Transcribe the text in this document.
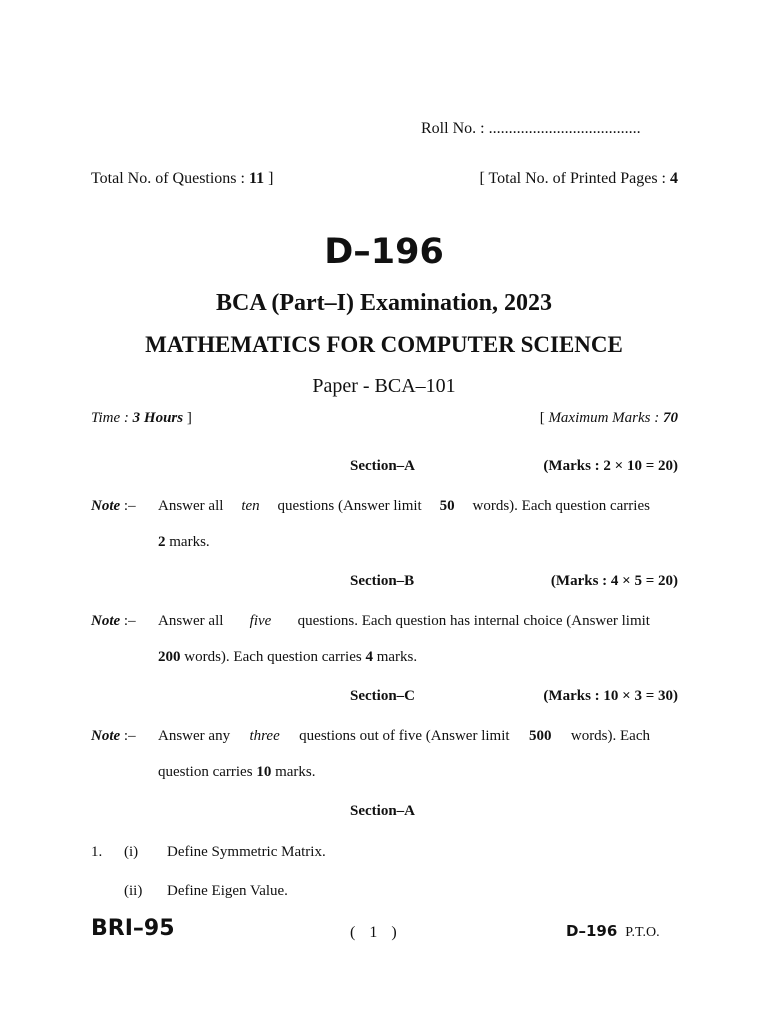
Roll No. : ......................................
Total No. of Questions : 11 ]	[ Total No. of Printed Pages : 4
D–196
BCA (Part–I) Examination, 2023
MATHEMATICS FOR COMPUTER SCIENCE
Paper - BCA–101
Time : 3 Hours ]	[ Maximum Marks : 70
Section–A	(Marks : 2 × 10 = 20)
Note :– Answer all ten questions (Answer limit 50 words). Each question carries
2 marks.
Section–B	(Marks : 4 × 5 = 20)
Note :– Answer all five questions. Each question has internal choice (Answer limit
200 words). Each question carries 4 marks.
Section–C	(Marks : 10 × 3 = 30)
Note :– Answer any three questions out of five (Answer limit 500 words). Each
question carries 10 marks.
Section–A
1. (i) Define Symmetric Matrix.
(ii) Define Eigen Value.
BRI–95	( 1 )	D–196 P.T.O.
